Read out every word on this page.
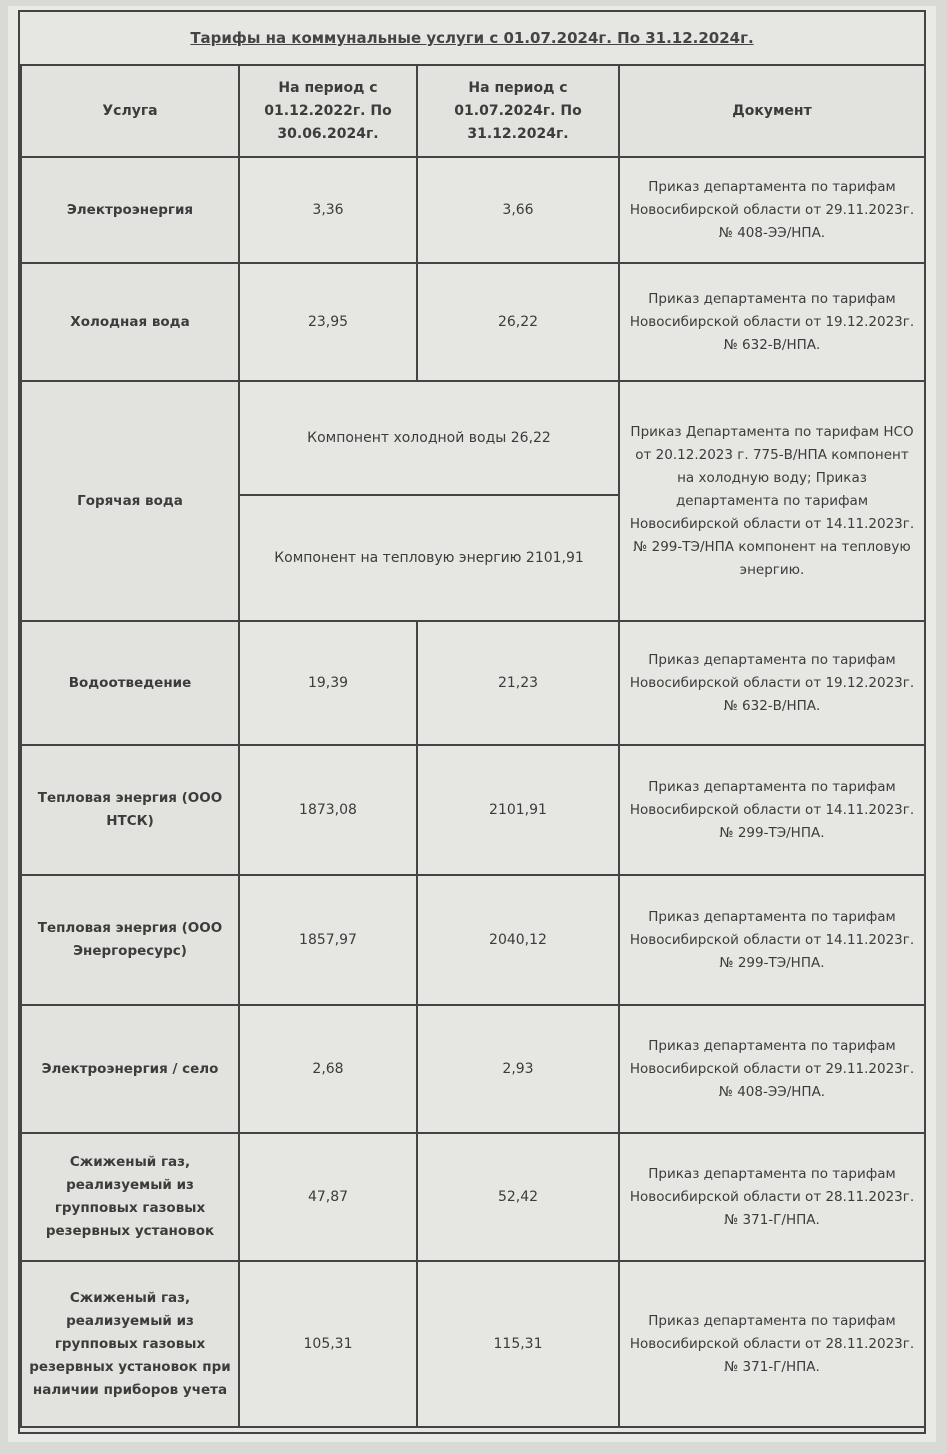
Тарифы на коммунальные услуги с 01.07.2024г. По 31.12.2024г.
Услуга	На период с 01.12.2022г. По 30.06.2024г.	На период с 01.07.2024г. По 31.12.2024г.	Документ
Электроэнергия	3,36	3,66	Приказ департамента по тарифам Новосибирской области от 29.11.2023г. № 408-ЭЭ/НПА.
Холодная вода	23,95	26,22	Приказ департамента по тарифам Новосибирской области от 19.12.2023г. № 632-В/НПА.
Горячая вода	Компонент холодной воды 26,22		Приказ Департамента по тарифам НСО от 20.12.2023 г. 775-В/НПА компонент на холодную воду; Приказ департамента по тарифам Новосибирской области от 14.11.2023г. № 299-ТЭ/НПА компонент на тепловую энергию.
	Компонент на тепловую энергию 2101,91		
Водоотведение	19,39	21,23	Приказ департамента по тарифам Новосибирской области от 19.12.2023г. № 632-В/НПА.
Тепловая энергия (ООО НТСК)	1873,08	2101,91	Приказ департамента по тарифам Новосибирской области от 14.11.2023г. № 299-ТЭ/НПА.
Тепловая энергия (ООО Энергоресурс)	1857,97	2040,12	Приказ департамента по тарифам Новосибирской области от 14.11.2023г. № 299-ТЭ/НПА.
Электроэнергия / село	2,68	2,93	Приказ департамента по тарифам Новосибирской области от 29.11.2023г. № 408-ЭЭ/НПА.
Сжиженый газ, реализуемый из групповых газовых резервных установок	47,87	52,42	Приказ департамента по тарифам Новосибирской области от 28.11.2023г. № 371-Г/НПА.
Сжиженый газ, реализуемый из групповых газовых резервных установок при наличии приборов учета	105,31	115,31	Приказ департамента по тарифам Новосибирской области от 28.11.2023г. № 371-Г/НПА.
